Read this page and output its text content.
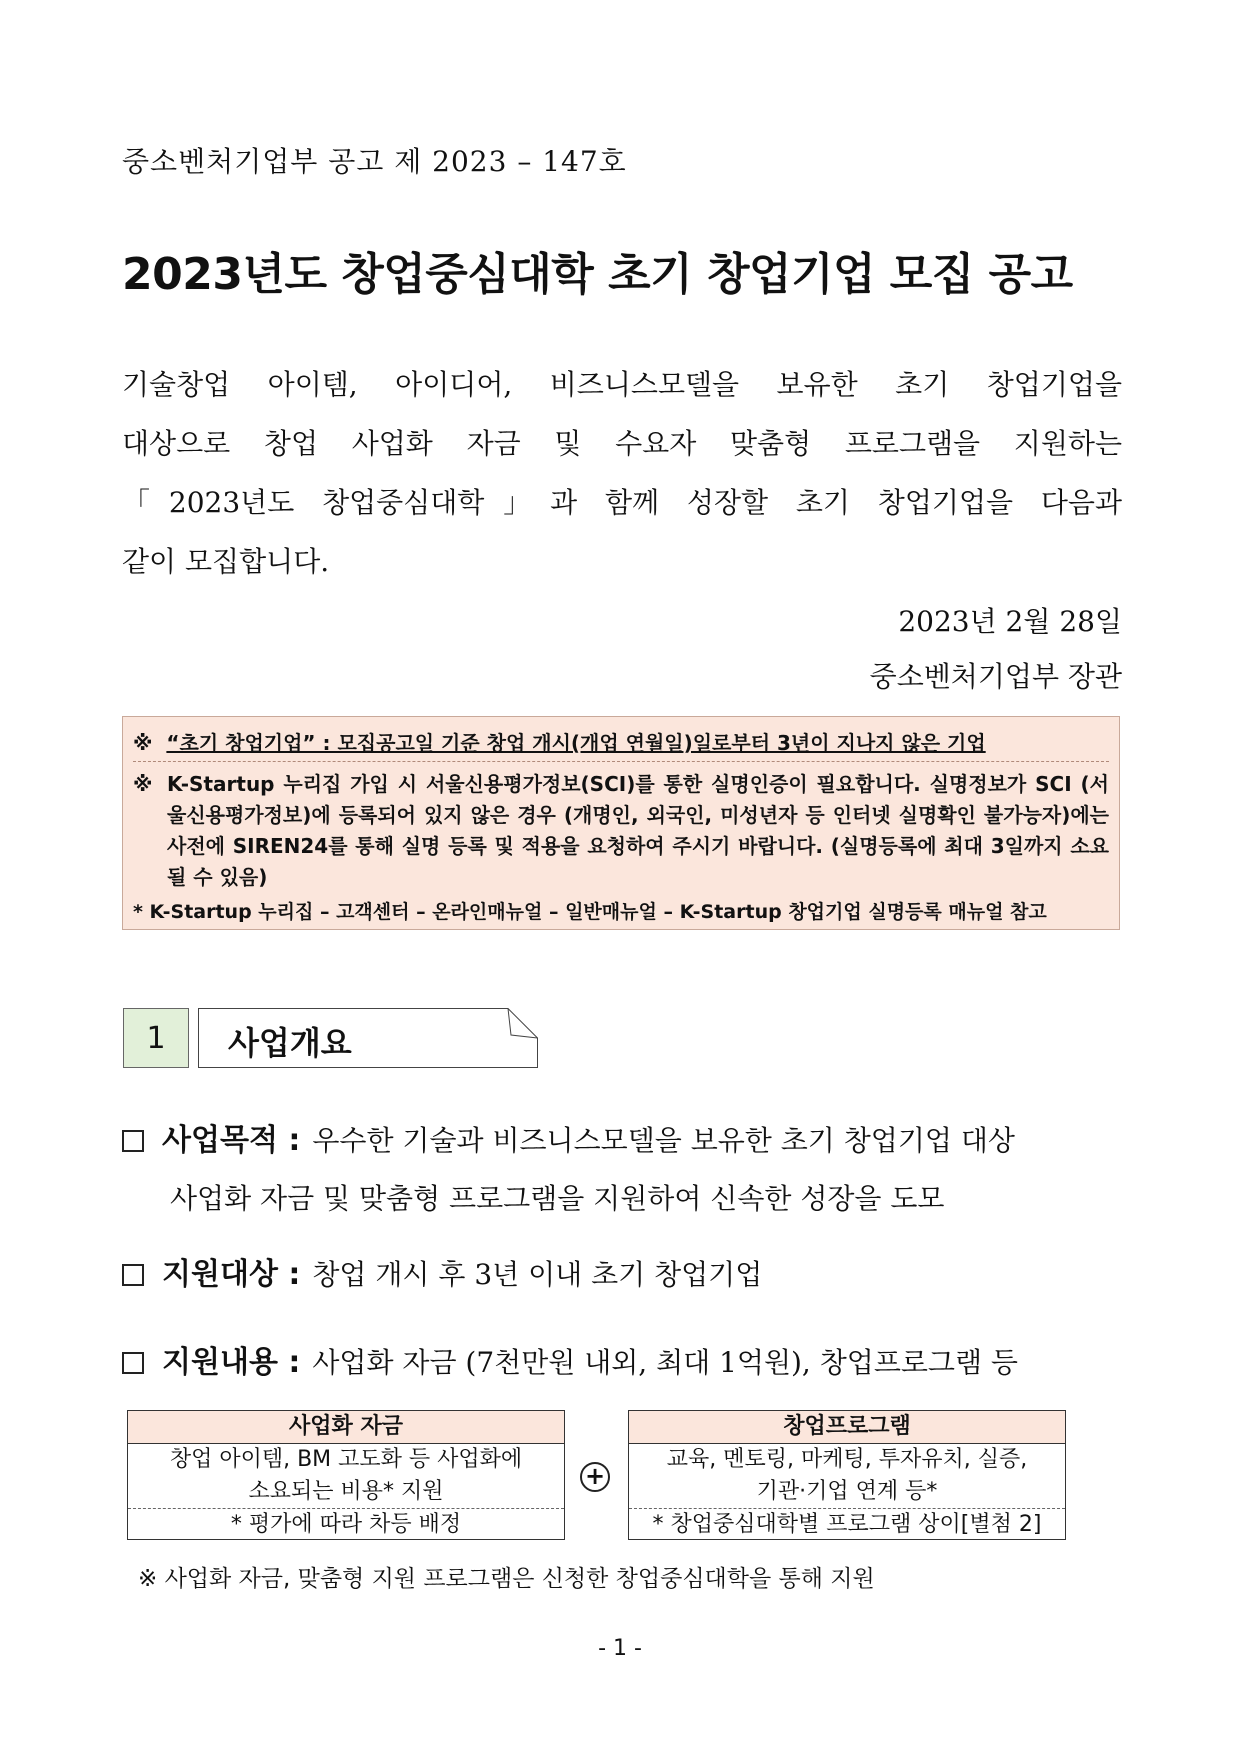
중소벤처기업부 공고 제 2023 – 147호
2023년도 창업중심대학 초기 창업기업 모집 공고

기술창업 아이템, 아이디어, 비즈니스모델을 보유한 초기 창업기업을

대상으로 창업 사업화 자금 및 수요자 맞춤형 프로그램을 지원하는

「2023년도 창업중심대학」과 함께 성장할 초기 창업기업을 다음과

같이 모집합니다.

2023년 2월 28일
중소벤처기업부 장관
※ “초기 창업기업” : 모집공고일 기준 창업 개시(개업 연월일)일로부터 3년이 지나지 않은 기업
※ K-Startup 누리집 가입 시 서울신용평가정보(SCI)를 통한 실명인증이 필요합니다. 실명정보가 SCI (서울신용평가정보)에 등록되어 있지 않은 경우 (개명인, 외국인, 미성년자 등 인터넷 실명확인 불가능자)에는 사전에 SIREN24를 통해 실명 등록 및 적용을 요청하여 주시기 바랍니다. (실명등록에 최대 3일까지 소요될 수 있음)
* K-Startup 누리집 – 고객센터 – 온라인매뉴얼 – 일반매뉴얼 – K-Startup 창업기업 실명등록 매뉴얼 참고
1	사업개요
사업목적 : 우수한 기술과 비즈니스모델을 보유한 초기 창업기업 대상
사업화 자금 및 맞춤형 프로그램을 지원하여 신속한 성장을 도모
지원대상 : 창업 개시 후 3년 이내 초기 창업기업
지원내용 : 사업화 자금 (7천만원 내외, 최대 1억원), 창업프로그램 등
사업화 자금
창업 아이템, BM 고도화 등 사업화에
소요되는 비용* 지원
* 평가에 따라 차등 배정
+
창업프로그램
교육, 멘토링, 마케팅, 투자유치, 실증,
기관·기업 연계 등*
* 창업중심대학별 프로그램 상이[별첨 2]
※ 사업화 자금, 맞춤형 지원 프로그램은 신청한 창업중심대학을 통해 지원
- 1 -
